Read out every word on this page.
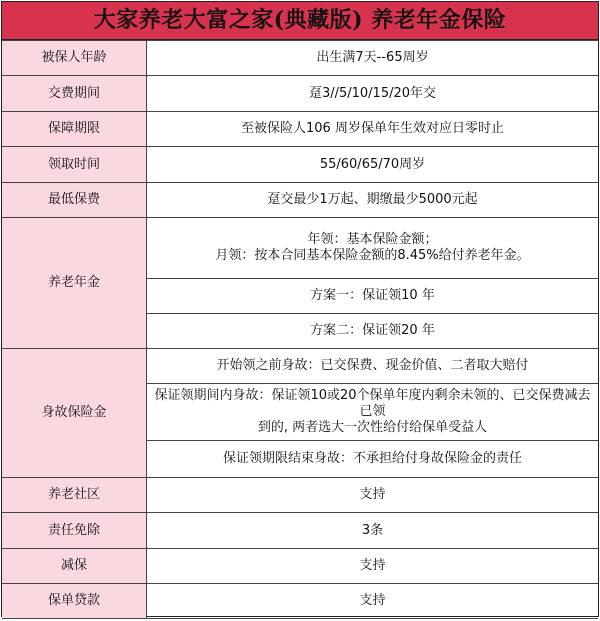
大家养老大富之家(典藏版) 养老年金保险
被保人年龄	出生满7天--65周岁
交费期间	趸3//5/10/15/20年交
保障期限	至被保险人106 周岁保单年生效对应日零时止
领取时间	55/60/65/70周岁
最低保费	趸交最少1万起、期缴最少5000元起
养老年金	年领：基本保险金额；
月领：按本合同基本保险金额的8.45%给付养老年金。

	方案一：保证领10 年
	方案二：保证领20 年
身故保险金	开始领之前身故：已交保费、现金价值、二者取大赔付

	保证领期间内身故：保证领10或20个保单年度内剩余未领的、已交保费减去已领
到的, 两者选大一次性给付给保单受益人

	保证领期限结束身故：不承担给付身故保险金的责任
养老社区	支持
责任免除	3条
减保	支持
保单贷款	支持
